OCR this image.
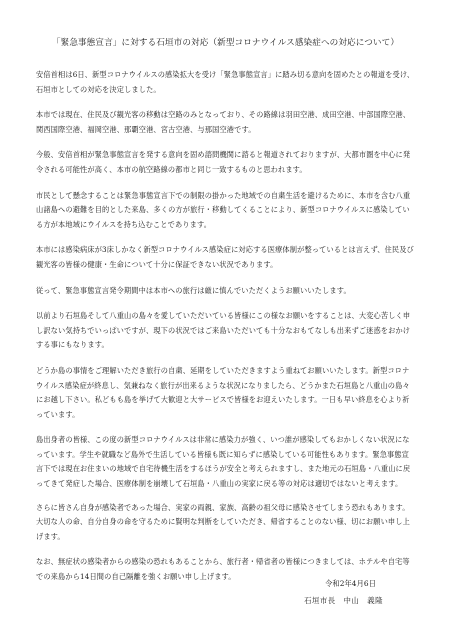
「緊急事態宣言」に対する石垣市の対応（新型コロナウイルス感染症への対応について）

安倍首相は6日、新型コロナウイルスの感染拡大を受け「緊急事態宣言」に踏み切る意向を固めたとの報道を受け、石垣市としての対応を決定しました。

本市では現在、住民及び観光客の移動は空路のみとなっており、その路線は羽田空港、成田空港、中部国際空港、関西国際空港、福岡空港、那覇空港、宮古空港、与那国空港です。

今般、安倍首相が緊急事態宣言を発する意向を固め諮問機関に諮ると報道されておりますが、大都市圏を中心に発令される可能性が高く、本市の航空路線の都市と同じ一致するものと思われます。

市民として懸念することは緊急事態宣言下での制限の掛かった地域での自粛生活を避けるために、本市を含む八重山諸島への避難を目的とした来島、多くの方が旅行・移動してくることにより、新型コロナウイルスに感染している方が本地域にウイルスを持ち込むことであります。

本市には感染病床が3床しかなく新型コロナウイルス感染症に対応する医療体制が整っているとは言えず、住民及び観光客の皆様の健康・生命について十分に保証できない状況であります。

従って、緊急事態宣言発令期間中は本市への旅行は厳に慎んでいただくようお願いいたします。

以前より石垣島そして八重山の島々を愛していただいている皆様にこの様なお願いをすることは、大変心苦しく申し訳ない気持ちでいっぱいですが、現下の状況ではご来島いただいても十分なおもてなしも出来ずご迷惑をおかけする事にもなります。

どうか島の事情をご理解いただき旅行の自粛、延期をしていただきますよう重ねてお願いいたします。新型コロナウイルス感染症が終息し、気兼ねなく旅行が出来るような状況になりましたら、どうかまた石垣島と八重山の島々にお越し下さい。私どもも島を挙げて大歓迎と大サービスで皆様をお迎えいたします。一日も早い終息を心より祈っています。

島出身者の皆様、この度の新型コロナウイルスは非常に感染力が強く、いつ誰が感染してもおかしくない状況になっています。学生や就職など島外で生活している皆様も既に知らずに感染している可能性もあります。緊急事態宣言下では現在お住まいの地域で自宅待機生活をするほうが安全と考えられますし、また地元の石垣島・八重山に戻ってきて発症した場合、医療体制を崩壊して石垣島・八重山の実家に戻る等の対応は適切ではないと考えます。

さらに皆さん自身が感染者であった場合、実家の両親、家族、高齢の祖父母に感染させてしまう恐れもあります。大切な人の命、自分自身の命を守るために賢明な判断をしていただき、帰省することのない様、切にお願い申し上げます。

なお、無症状の感染者からの感染の恐れもあることから、旅行者・帰省者の皆様につきましては、ホテルや自宅等での来島から14日間の自己隔離を強くお願い申し上げます。

令和2年4月6日
石垣市長　中山　義隆
